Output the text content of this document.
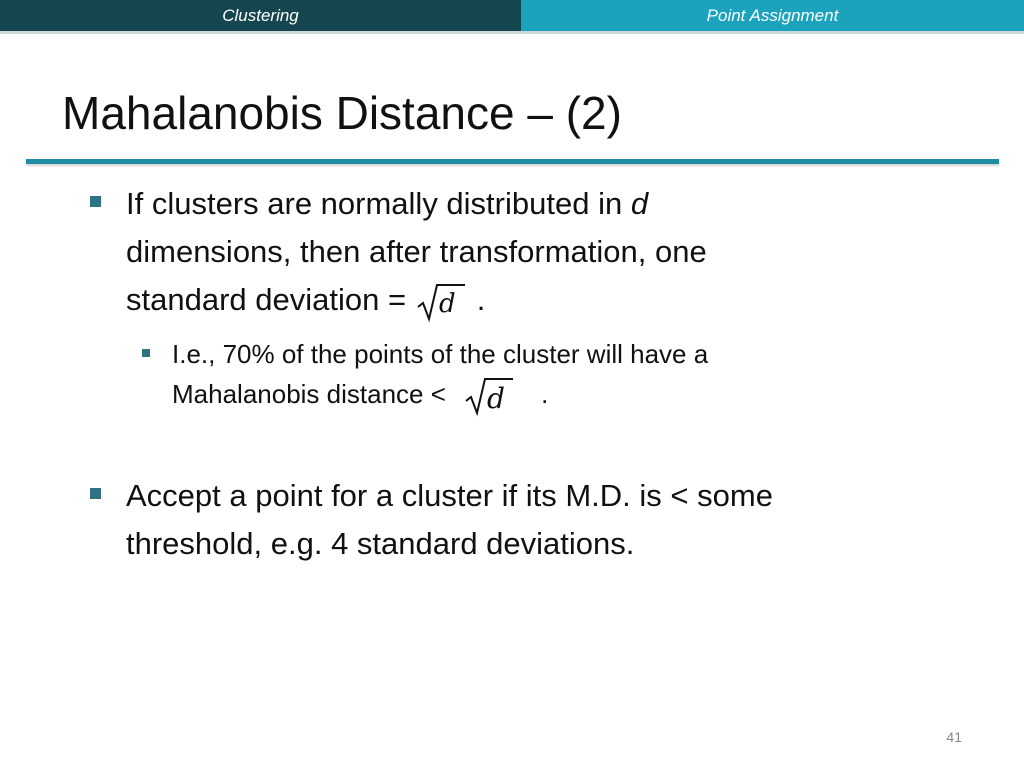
Clustering	Point Assignment
Mahalanobis Distance – (2)
If clusters are normally distributed in d
dimensions, then after transformation, one
standard deviation = d .
I.e., 70% of the points of the cluster will have a
Mahalanobis distance < d .
Accept a point for a cluster if its M.D. is < some
threshold, e.g. 4 standard deviations.
41
